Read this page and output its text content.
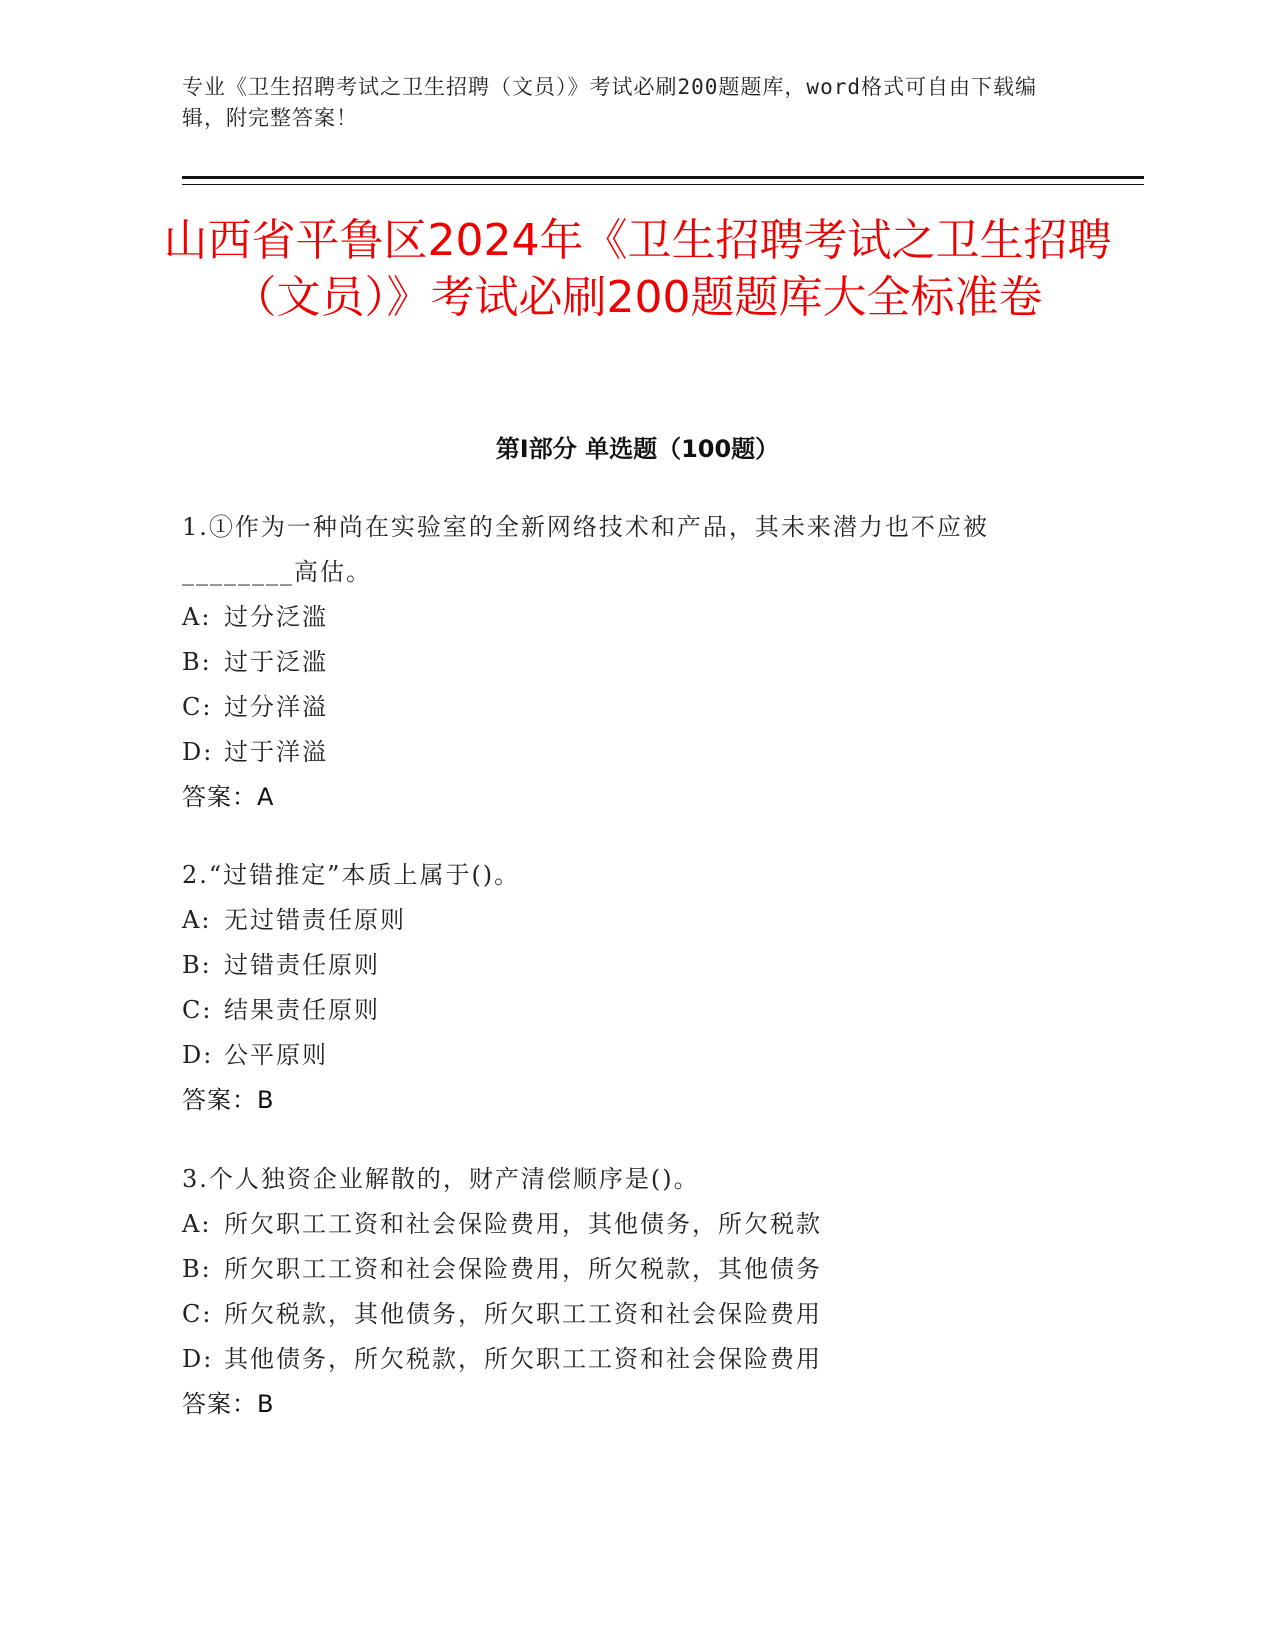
专业《卫生招聘考试之卫生招聘（文员）》考试必刷200题题库，word格式可自由下载编辑，附完整答案！
山西省平鲁区2024年《卫生招聘考试之卫生招聘（文员）》考试必刷200题题库大全标准卷
第I部分 单选题（100题）

1.①作为一种尚在实验室的全新网络技术和产品，其未来潜力也不应被________高估。

A: 过分泛滥
B: 过于泛滥
C: 过分洋溢
D: 过于洋溢
答案：A

2.“过错推定”本质上属于()。

A: 无过错责任原则
B: 过错责任原则
C: 结果责任原则
D: 公平原则
答案：B

3.个人独资企业解散的，财产清偿顺序是()。

A: 所欠职工工资和社会保险费用，其他债务，所欠税款
B: 所欠职工工资和社会保险费用，所欠税款，其他债务
C: 所欠税款，其他债务，所欠职工工资和社会保险费用
D: 其他债务，所欠税款，所欠职工工资和社会保险费用
答案：B
